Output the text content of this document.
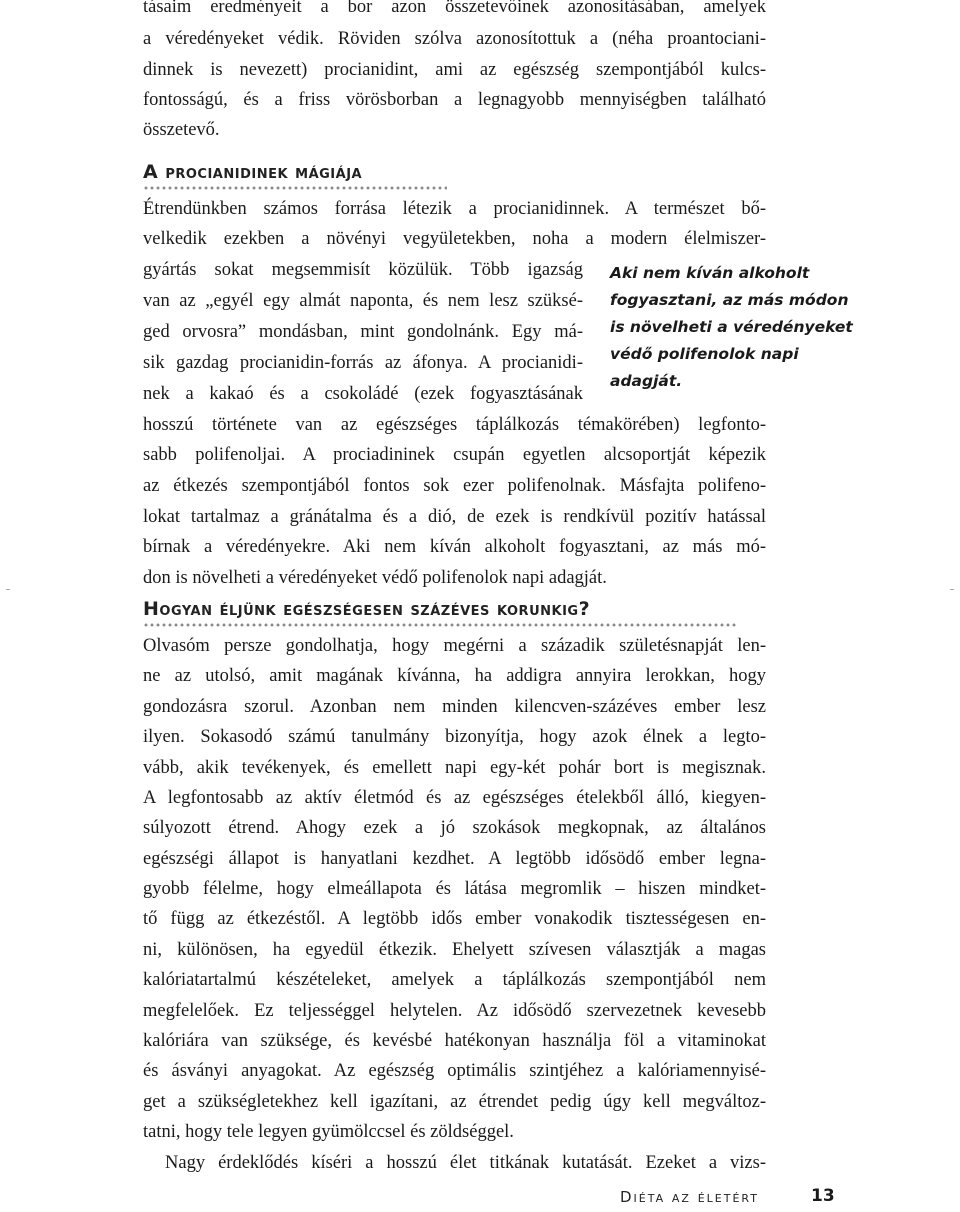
tásaim eredményeit a bor azon összetevőinek azonosításában, amelyek

a véredényeket védik. Röviden szólva azonosítottuk a (néha proantociani-

dinnek is nevezett) procianidint, ami az egészség szempontjából kulcs-

fontosságú, és a friss vörösborban a legnagyobb mennyiségben található

összetevő.

A procianidinek mágiája

Étrendünkben számos forrása létezik a procianidinnek. A természet bő-

velkedik ezekben a növényi vegyületekben, noha a modern élelmiszer-

gyártás sokat megsemmisít közülük. Több igazság

van az „egyél egy almát naponta, és nem lesz szüksé-

ged orvosra” mondásban, mint gondolnánk. Egy má-

sik gazdag procianidin-forrás az áfonya. A procianidi-

nek a kakaó és a csokoládé (ezek fogyasztásának

hosszú története van az egészséges táplálkozás témakörében) legfonto-

sabb polifenoljai. A prociadininek csupán egyetlen alcsoportját képezik

az étkezés szempontjából fontos sok ezer polifenolnak. Másfajta polifeno-

lokat tartalmaz a gránátalma és a dió, de ezek is rendkívül pozitív hatással

bírnak a véredényekre. Aki nem kíván alkoholt fogyasztani, az más mó-

don is növelheti a véredényeket védő polifenolok napi adagját.

Aki nem kíván alkoholt
fogyasztani, az más módon
is növelheti a véredényeket
védő polifenolok napi
adagját.
Hogyan éljünk egészségesen százéves korunkig?

Olvasóm persze gondolhatja, hogy megérni a századik születésnapját len-

ne az utolsó, amit magának kívánna, ha addigra annyira lerokkan, hogy

gondozásra szorul. Azonban nem minden kilencven-százéves ember lesz

ilyen. Sokasodó számú tanulmány bizonyítja, hogy azok élnek a legto-

vább, akik tevékenyek, és emellett napi egy-két pohár bort is megisznak.

A legfontosabb az aktív életmód és az egészséges ételekből álló, kiegyen-

súlyozott étrend. Ahogy ezek a jó szokások megkopnak, az általános

egészségi állapot is hanyatlani kezdhet. A legtöbb idősödő ember legna-

gyobb félelme, hogy elmeállapota és látása megromlik – hiszen mindket-

tő függ az étkezéstől. A legtöbb idős ember vonakodik tisztességesen en-

ni, különösen, ha egyedül étkezik. Ehelyett szívesen választják a magas

kalóriatartalmú készételeket, amelyek a táplálkozás szempontjából nem

megfelelőek. Ez teljességgel helytelen. Az idősödő szervezetnek kevesebb

kalóriára van szüksége, és kevésbé hatékonyan használja föl a vitaminokat

és ásványi anyagokat. Az egészség optimális szintjéhez a kalóriamennyisé-

get a szükségletekhez kell igazítani, az étrendet pedig úgy kell megváltoz-

tatni, hogy tele legyen gyümölccsel és zöldséggel.

Nagy érdeklődés kíséri a hosszú élet titkának kutatását. Ezeket a vizs-

Diéta az életért	13
